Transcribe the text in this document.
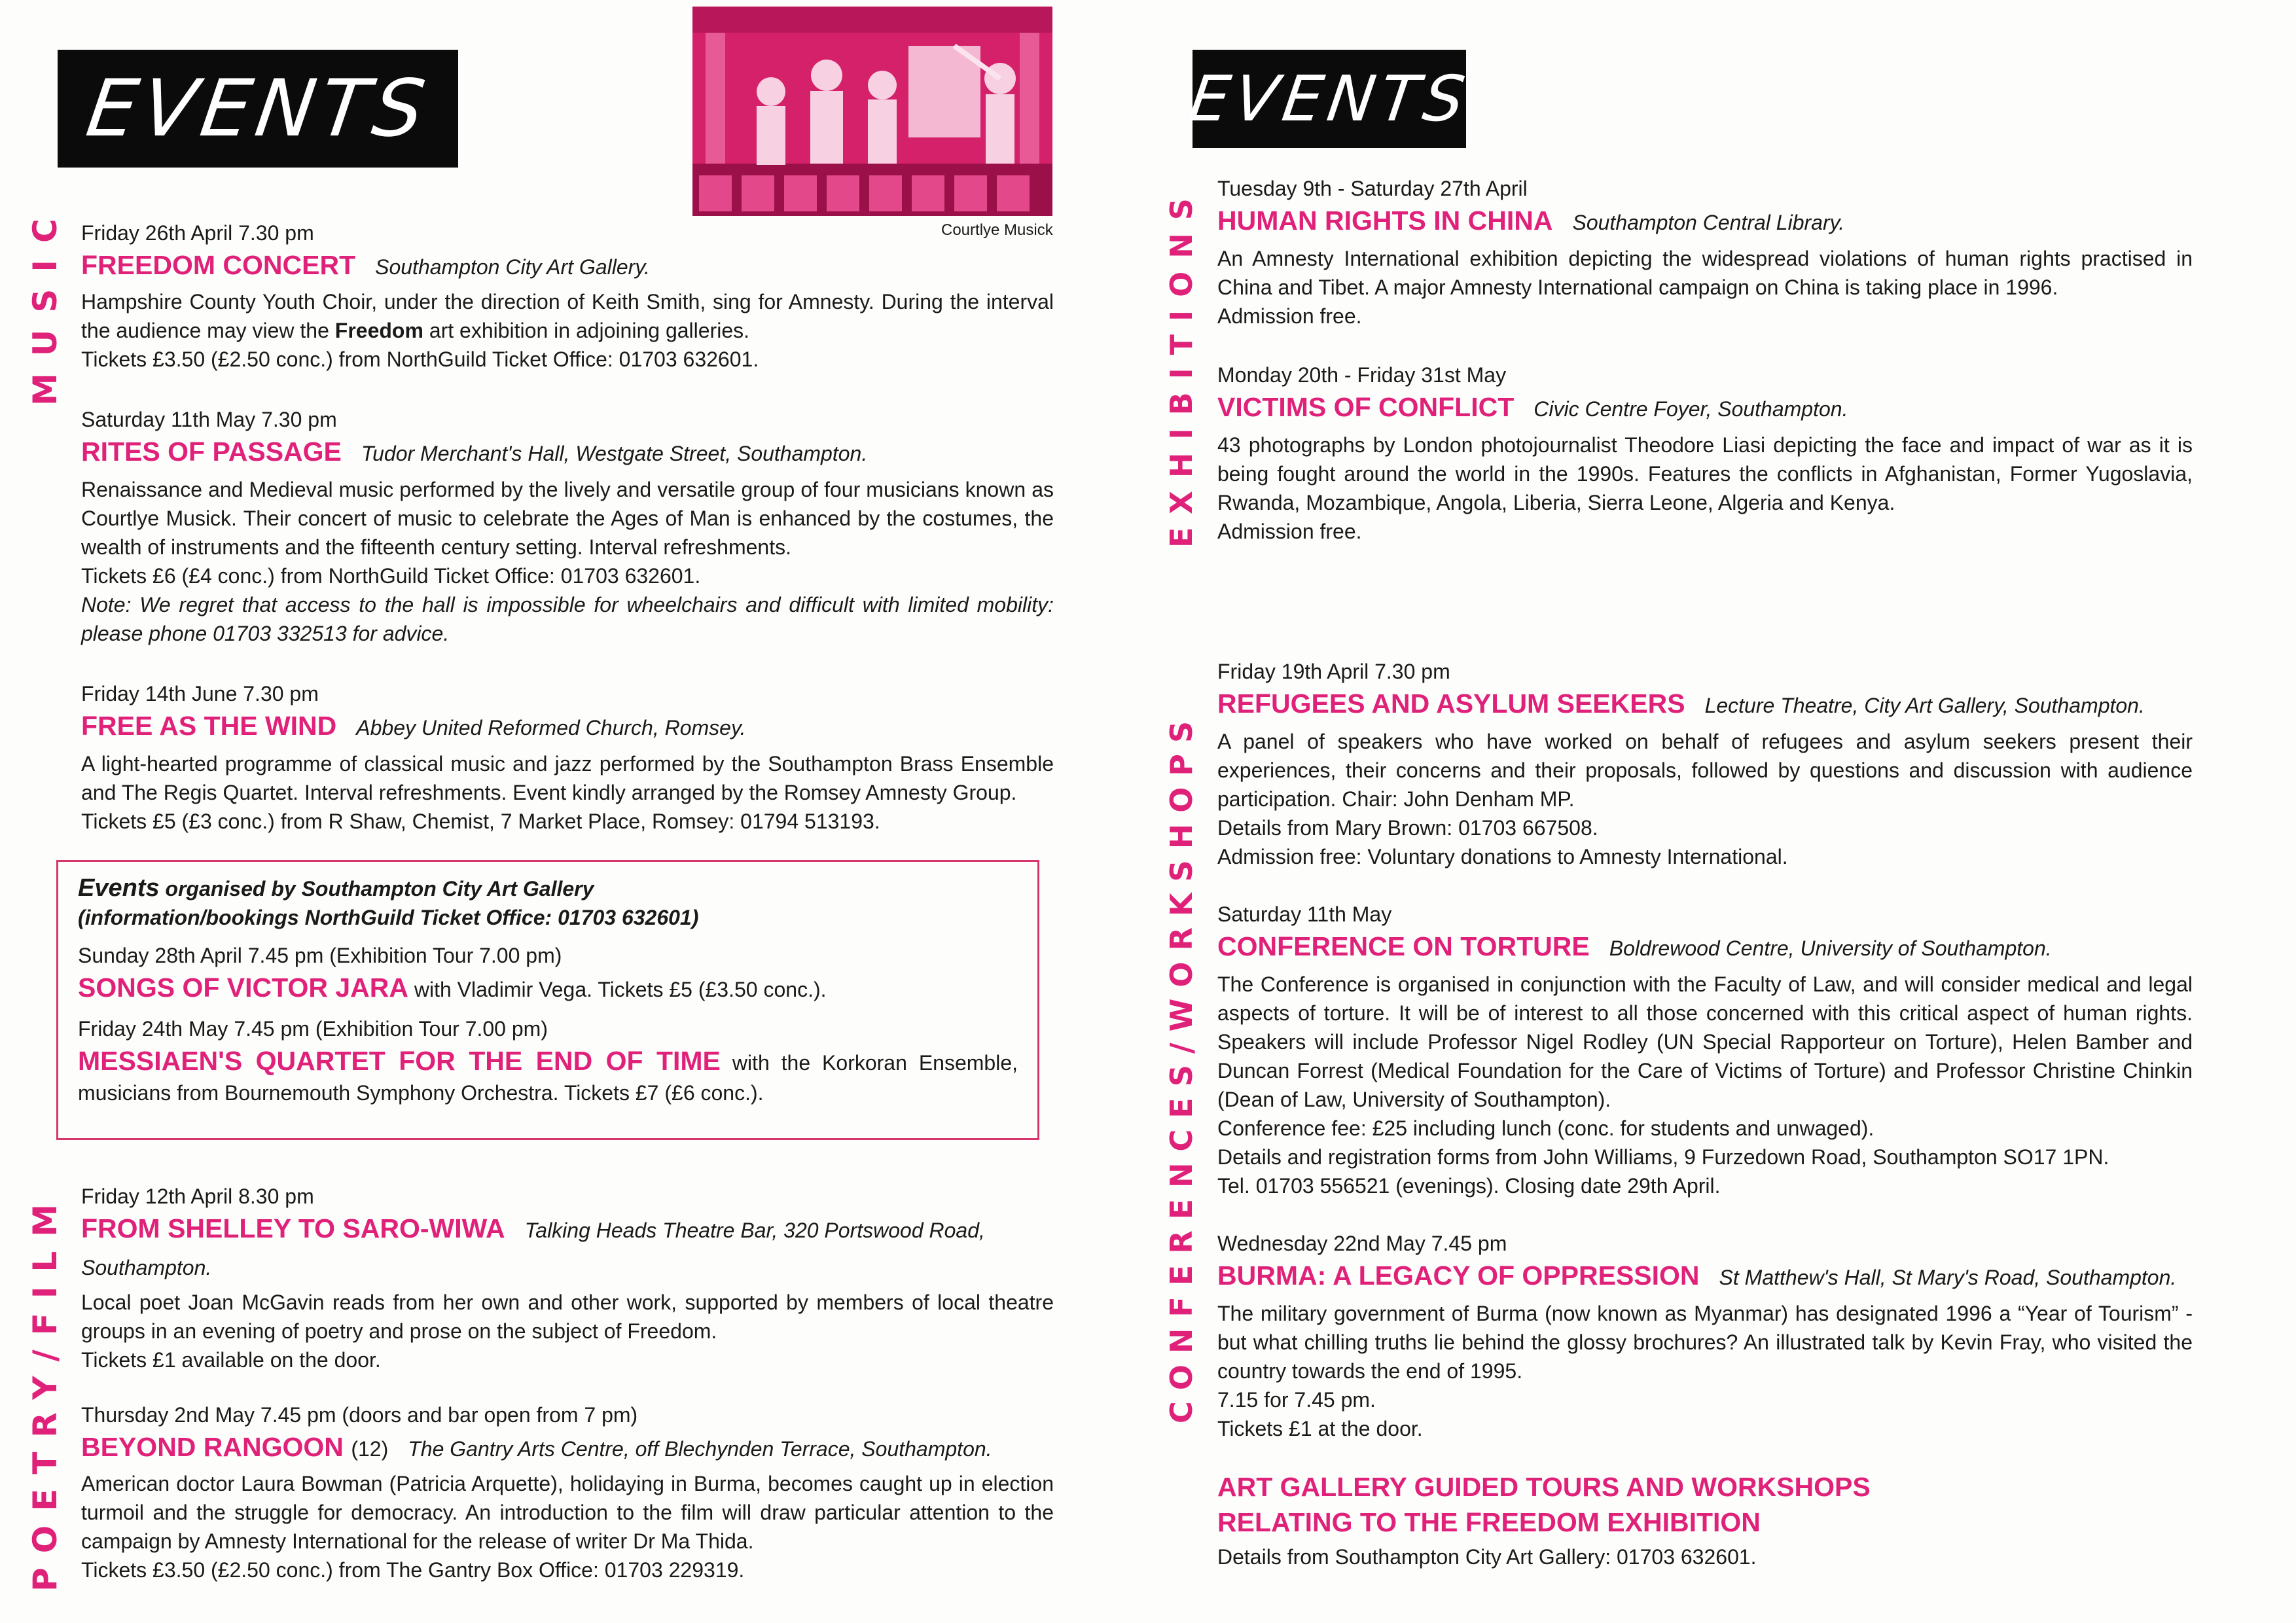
EVENTS
Courtlye Musick
MUSIC
POETRY/FILM
Friday 26th April 7.30 pm
FREEDOM CONCERT Southampton City Art Gallery.

Hampshire County Youth Choir, under the direction of Keith Smith, sing for Amnesty. During the interval the audience may view the Freedom art exhibition in adjoining galleries.

Tickets £3.50 (£2.50 conc.) from NorthGuild Ticket Office: 01703 632601.

Saturday 11th May 7.30 pm
RITES OF PASSAGE Tudor Merchant's Hall, Westgate Street, Southampton.

Renaissance and Medieval music performed by the lively and versatile group of four musicians known as Courtlye Musick. Their concert of music to celebrate the Ages of Man is enhanced by the costumes, the wealth of instruments and the fifteenth century setting. Interval refreshments.

Tickets £6 (£4 conc.) from NorthGuild Ticket Office: 01703 632601.

Note: We regret that access to the hall is impossible for wheelchairs and difficult with limited mobility: please phone 01703 332513 for advice.

Friday 14th June 7.30 pm
FREE AS THE WIND Abbey United Reformed Church, Romsey.

A light-hearted programme of classical music and jazz performed by the Southampton Brass Ensemble and The Regis Quartet. Interval refreshments. Event kindly arranged by the Romsey Amnesty Group.

Tickets £5 (£3 conc.) from R Shaw, Chemist, 7 Market Place, Romsey: 01794 513193.

Events organised by Southampton City Art Gallery
(information/bookings NorthGuild Ticket Office: 01703 632601)
Sunday 28th April 7.45 pm (Exhibition Tour 7.00 pm)
SONGS OF VICTOR JARA with Vladimir Vega. Tickets £5 (£3.50 conc.).
Friday 24th May 7.45 pm (Exhibition Tour 7.00 pm)

MESSIAEN'S QUARTET FOR THE END OF TIME with the Korkoran Ensemble, musicians from Bournemouth Symphony Orchestra. Tickets £7 (£6 conc.).

Friday 12th April 8.30 pm
FROM SHELLEY TO SARO-WIWA Talking Heads Theatre Bar, 320 Portswood Road, Southampton.

Local poet Joan McGavin reads from her own and other work, supported by members of local theatre groups in an evening of poetry and prose on the subject of Freedom.

Tickets £1 available on the door.

Thursday 2nd May 7.45 pm (doors and bar open from 7 pm)
BEYOND RANGOON (12) The Gantry Arts Centre, off Blechynden Terrace, Southampton.

American doctor Laura Bowman (Patricia Arquette), holidaying in Burma, becomes caught up in election turmoil and the struggle for democracy. An introduction to the film will draw particular attention to the campaign by Amnesty International for the release of writer Dr Ma Thida.

Tickets £3.50 (£2.50 conc.) from The Gantry Box Office: 01703 229319.

EVENTS
EXHIBITIONS
CONFERENCES/WORKSHOPS
Tuesday 9th - Saturday 27th April
HUMAN RIGHTS IN CHINA Southampton Central Library.

An Amnesty International exhibition depicting the widespread violations of human rights practised in China and Tibet. A major Amnesty International campaign on China is taking place in 1996.

Admission free.

Monday 20th - Friday 31st May
VICTIMS OF CONFLICT Civic Centre Foyer, Southampton.

43 photographs by London photojournalist Theodore Liasi depicting the face and impact of war as it is being fought around the world in the 1990s. Features the conflicts in Afghanistan, Former Yugoslavia, Rwanda, Mozambique, Angola, Liberia, Sierra Leone, Algeria and Kenya.

Admission free.

Friday 19th April 7.30 pm
REFUGEES AND ASYLUM SEEKERS Lecture Theatre, City Art Gallery, Southampton.

A panel of speakers who have worked on behalf of refugees and asylum seekers present their experiences, their concerns and their proposals, followed by questions and discussion with audience participation. Chair: John Denham MP.

Details from Mary Brown: 01703 667508.

Admission free: Voluntary donations to Amnesty International.

Saturday 11th May
CONFERENCE ON TORTURE Boldrewood Centre, University of Southampton.

The Conference is organised in conjunction with the Faculty of Law, and will consider medical and legal aspects of torture. It will be of interest to all those concerned with this critical aspect of human rights. Speakers will include Professor Nigel Rodley (UN Special Rapporteur on Torture), Helen Bamber and Duncan Forrest (Medical Foundation for the Care of Victims of Torture) and Professor Christine Chinkin (Dean of Law, University of Southampton).

Conference fee: £25 including lunch (conc. for students and unwaged).

Details and registration forms from John Williams, 9 Furzedown Road, Southampton SO17 1PN.

Tel. 01703 556521 (evenings). Closing date 29th April.

Wednesday 22nd May 7.45 pm
BURMA: A LEGACY OF OPPRESSION St Matthew's Hall, St Mary's Road, Southampton.

The military government of Burma (now known as Myanmar) has designated 1996 a “Year of Tourism” - but what chilling truths lie behind the glossy brochures? An illustrated talk by Kevin Fray, who visited the country towards the end of 1995.

7.15 for 7.45 pm.

Tickets £1 at the door.

ART GALLERY GUIDED TOURS AND WORKSHOPS
RELATING TO THE FREEDOM EXHIBITION

Details from Southampton City Art Gallery: 01703 632601.
